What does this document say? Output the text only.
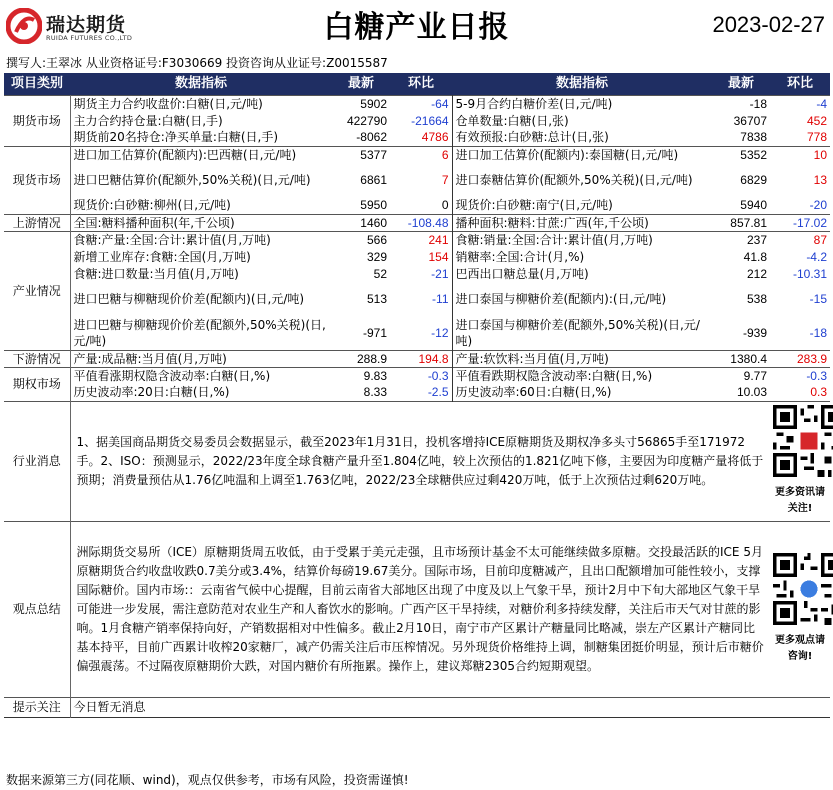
瑞达期货
RUIDA FUTURES CO.,LTD	白糖产业日报	2023-02-27
撰写人:王翠冰 从业资格证号:F3030669 投资咨询从业证号:Z0015587
项目类别	数据指标	最新	环比	数据指标	最新	环比
期货市场	期货主力合约收盘价:白糖(日,元/吨)	5902	-64	5-9月合约白糖价差(日,元/吨)	-18	-4
	主力合约持仓量:白糖(日,手)	422790	-21664	仓单数量:白糖(日,张)	36707	452
	期货前20名持仓:净买单量:白糖(日,手)	-8062	4786	有效预报:白砂糖:总计(日,张)	7838	778
现货市场	进口加工估算价(配额内):巴西糖(日,元/吨)	5377	6	进口加工估算价(配额内):泰国糖(日,元/吨)	5352	10
	进口巴糖估算价(配额外,50%关税)(日,元/吨)	6861	7	进口泰糖估算价(配额外,50%关税)(日,元/吨)	6829	13
	现货价:白砂糖:柳州(日,元/吨)	5950	0	现货价:白砂糖:南宁(日,元/吨)	5940	-20
上游情况	全国:糖料播种面积(年,千公顷)	1460	-108.48	播种面积:糖料:甘蔗:广西(年,千公顷)	857.81	-17.02
产业情况	食糖:产量:全国:合计:累计值(月,万吨)	566	241	食糖:销量:全国:合计:累计值(月,万吨)	237	87
	新增工业库存:食糖:全国(月,万吨)	329	154	销糖率:全国:合计(月,%)	41.8	-4.2
	食糖:进口数量:当月值(月,万吨)	52	-21	巴西出口糖总量(月,万吨)	212	-10.31
	进口巴糖与柳糖现价价差(配额内)(日,元/吨)	513	-11	进口泰国与柳糖价差(配额内):(日,元/吨)	538	-15
	进口巴糖与柳糖现价价差(配额外,50%关税)(日,元/吨)	-971	-12	进口泰国与柳糖价差(配额外,50%关税)(日,元/吨)	-939	-18
下游情况	产量:成品糖:当月值(月,万吨)	288.9	194.8	产量:软饮料:当月值(月,万吨)	1380.4	283.9
期权市场	平值看涨期权隐含波动率:白糖(日,%)	9.83	-0.3	平值看跌期权隐含波动率:白糖(日,%)	9.77	-0.3
	历史波动率:20日:白糖(日,%)	8.33	-2.5	历史波动率:60日:白糖(日,%)	10.03	0.3
行业消息	1、据美国商品期货交易委员会数据显示，截至2023年1月31日，投机客增持ICE原糖期货及期权净多头寸56865手至171972手。2、ISO：预测显示，2022/23年度全球食糖产量升至1.804亿吨，较上次预估的1.821亿吨下修，主要因为印度糖产量将低于预期；消费量预估从1.76亿吨温和上调至1.763亿吨，2022/23全球糖供应过剩420万吨，低于上次预估过剩620万吨。					更多资讯请关注!

观点总结	洲际期货交易所（ICE）原糖期货周五收低，由于受累于美元走强，且市场预计基金不太可能继续做多原糖。交投最活跃的ICE 5月原糖期货合约收盘收跌0.7美分或3.4%，结算价每磅19.67美分。国际市场，目前印度糖减产，且出口配额增加可能性较小，支撑国际糖价。国内市场:：云南省气候中心提醒，目前云南省大部地区出现了中度及以上气象干旱，预计2月中下旬大部地区气象干旱可能进一步发展，需注意防范对农业生产和人畜饮水的影响。广西产区干旱持续，对糖价利多持续发酵，关注后市天气对甘蔗的影响。1月食糖产销率保持向好，产销数据相对中性偏多。截止2月10日，南宁市产区累计产糖量同比略减，崇左产区累计产糖同比基本持平，目前广西累计收榨20家糖厂，减产仍需关注后市压榨情况。另外现货价格维持上调，制糖集团挺价明显，预计后市糖价偏强震荡。不过隔夜原糖期价大跌，对国内糖价有所拖累。操作上，建议郑糖2305合约短期观望。					更多观点请咨询!

提示关注	今日暂无消息					
数据来源第三方(同花顺、wind)，观点仅供参考，市场有风险，投资需谨慎!
